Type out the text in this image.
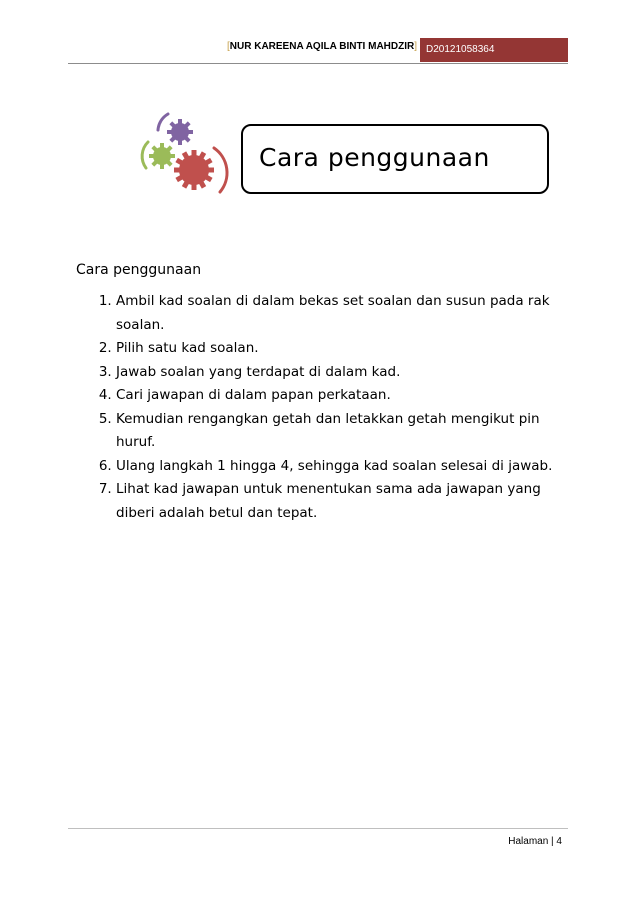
[NUR KAREENA AQILA BINTI MAHDZIR] D20121058364
Cara penggunaan
Cara penggunaan
1. Ambil kad soalan di dalam bekas set soalan dan susun pada rak soalan.
2. Pilih satu kad soalan.
3. Jawab soalan yang terdapat di dalam kad.
4. Cari jawapan di dalam papan perkataan.
5. Kemudian rengangkan getah dan letakkan getah mengikut pin huruf.
6. Ulang langkah 1 hingga 4, sehingga kad soalan selesai di jawab.
7. Lihat kad jawapan untuk menentukan sama ada jawapan yang diberi adalah betul dan tepat.
Halaman | 4
